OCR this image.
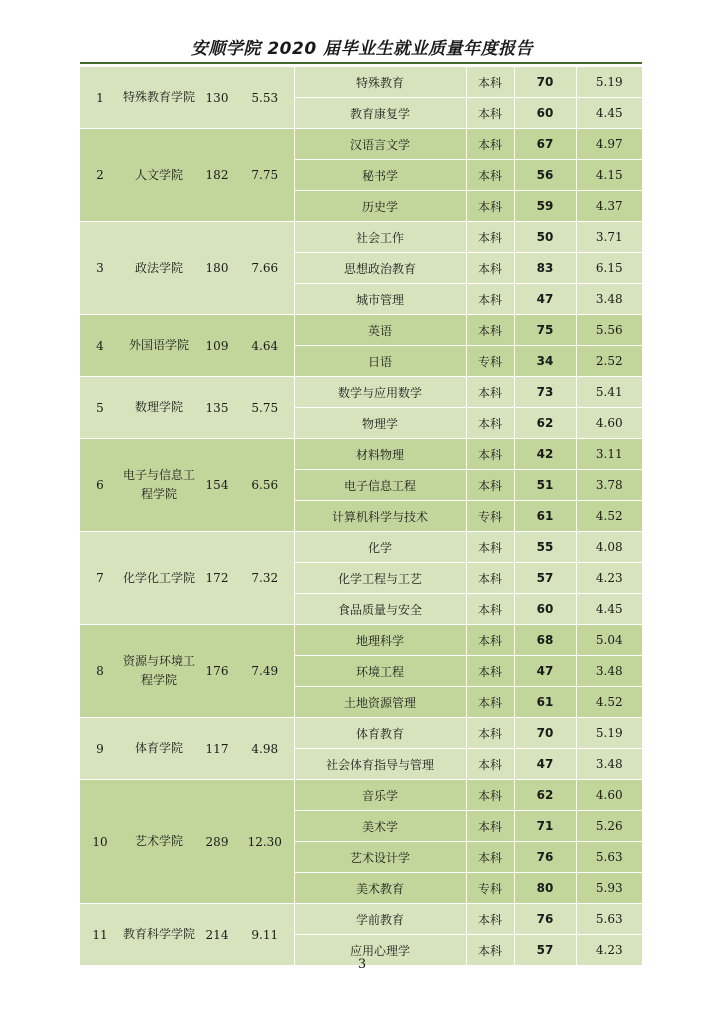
安顺学院 2020 届毕业生就业质量年度报告
1	特殊教育学院	130	5.53	特殊教育	本科	70	5.19
				教育康复学	本科	60	4.45
2	人文学院	182	7.75	汉语言文学	本科	67	4.97
				秘书学	本科	56	4.15
				历史学	本科	59	4.37
3	政法学院	180	7.66	社会工作	本科	50	3.71
				思想政治教育	本科	83	6.15
				城市管理	本科	47	3.48
4	外国语学院	109	4.64	英语	本科	75	5.56
				日语	专科	34	2.52
5	数理学院	135	5.75	数学与应用数学	本科	73	5.41
				物理学	本科	62	4.60
6	电子与信息工程学院	154	6.56	材料物理	本科	42	3.11
				电子信息工程	本科	51	3.78
				计算机科学与技术	专科	61	4.52
7	化学化工学院	172	7.32	化学	本科	55	4.08
				化学工程与工艺	本科	57	4.23
				食品质量与安全	本科	60	4.45
8	资源与环境工程学院	176	7.49	地理科学	本科	68	5.04
				环境工程	本科	47	3.48
				土地资源管理	本科	61	4.52
9	体育学院	117	4.98	体育教育	本科	70	5.19
				社会体育指导与管理	本科	47	3.48
10	艺术学院	289	12.30	音乐学	本科	62	4.60
				美术学	本科	71	5.26
				艺术设计学	本科	76	5.63
				美术教育	专科	80	5.93
11	教育科学学院	214	9.11	学前教育	本科	76	5.63
				应用心理学	本科	57	4.23
3
